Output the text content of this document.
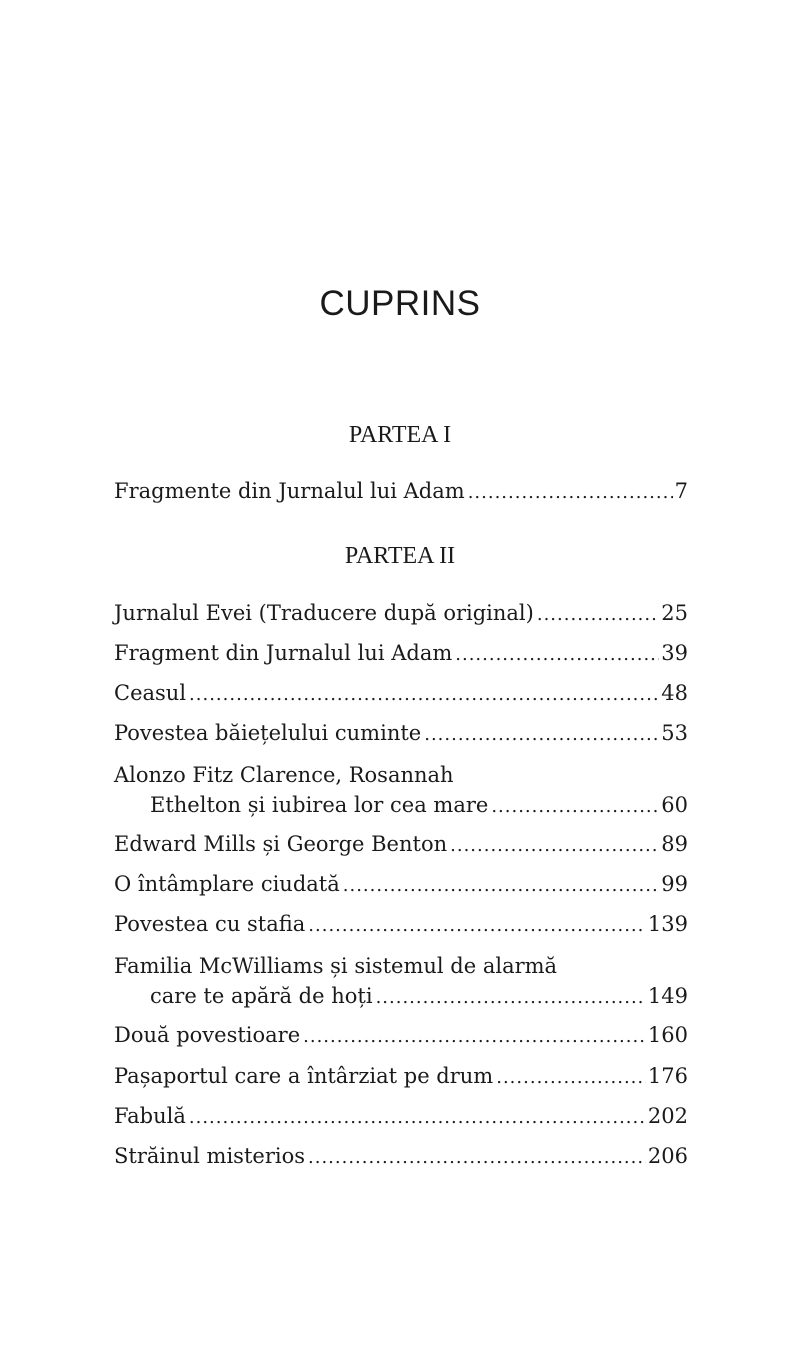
CUPRINS
PARTEA I
Fragmente din Jurnalul lui Adam .....	7
PARTEA II
Jurnalul Evei (Traducere după original) .....	25
Fragment din Jurnalul lui Adam .....	39
Ceasul .....	48
Povestea băiețelului cuminte .....	53
Alonzo Fitz Clarence, Rosannah
Ethelton și iubirea lor cea mare .....	60
Edward Mills și George Benton .....	89
O întâmplare ciudată .....	99
Povestea cu stafia .....	139
Familia McWilliams și sistemul de alarmă
care te apără de hoți .....	149
Două povestioare .....	160
Pașaportul care a întârziat pe drum .....	176
Fabulă .....	202
Străinul misterios .....	206
